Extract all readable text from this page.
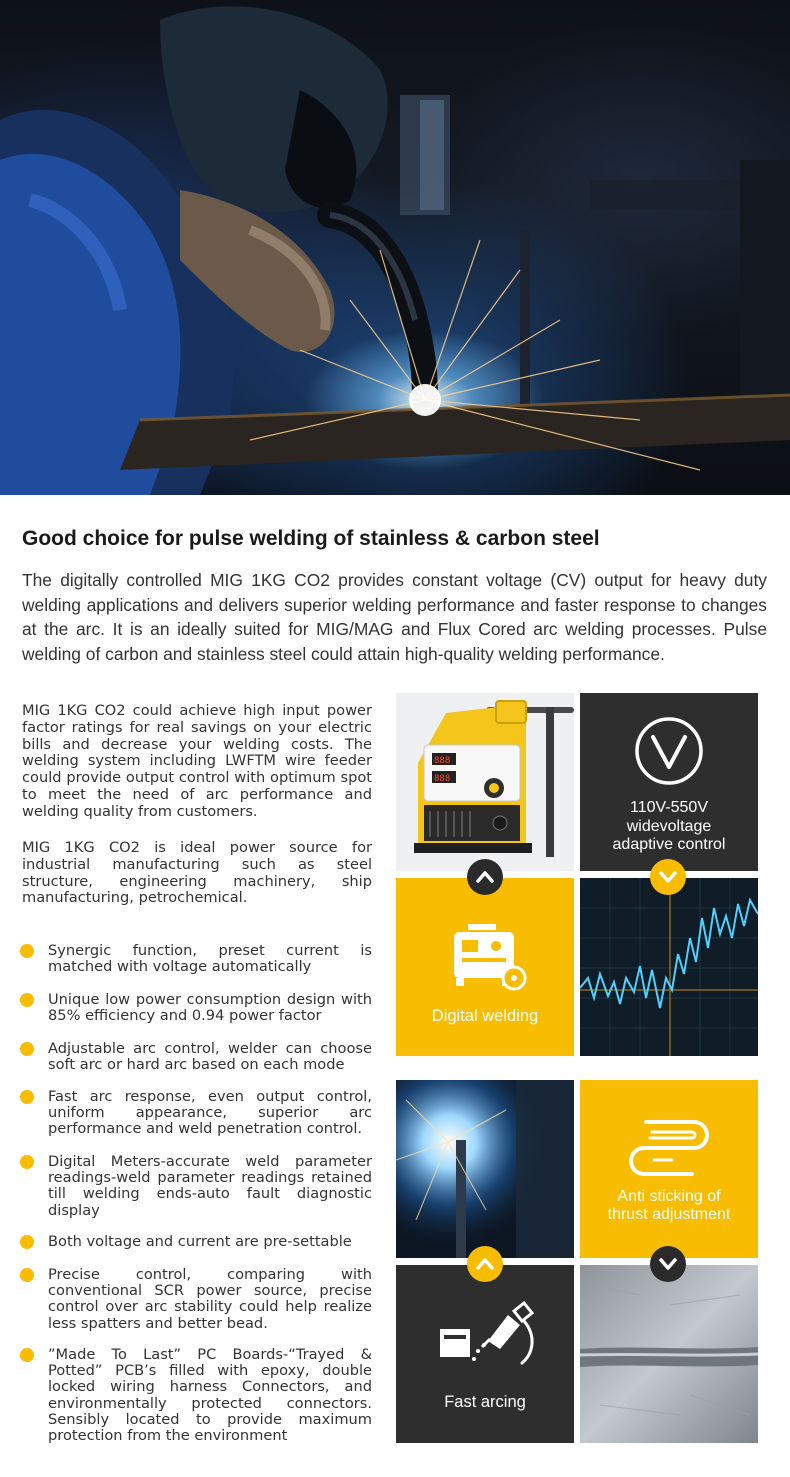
Good choice for pulse welding of stainless & carbon steel

The digitally controlled MIG 1KG CO2 provides constant voltage (CV) output for heavy duty welding applications and delivers superior welding performance and faster response to changes at the arc. It is an ideally suited for MIG/MAG and Flux Cored arc welding processes. Pulse welding of carbon and stainless steel could attain high-quality welding performance.

MIG 1KG CO2 could achieve high input power factor ratings for real savings on your electric bills and decrease your welding costs. The welding system including LWFTM wire feeder could provide output control with optimum spot to meet the need of arc performance and welding quality from customers.

MIG 1KG CO2 is ideal power source for industrial manufacturing such as steel structure, engineering machinery, ship manufacturing, petrochemical.

Synergic function, preset current is matched with voltage automatically

Unique low power consumption design with 85% efficiency and 0.94 power factor

Adjustable arc control, welder can choose soft arc or hard arc based on each mode

Fast arc response, even output control, uniform appearance, superior arc performance and weld penetration control.

Digital Meters-accurate weld parameter readings-weld parameter readings retained till welding ends-auto fault diagnostic display

Both voltage and current are pre-settable

Precise control, comparing with conventional SCR power source, precise control over arc stability could help realize less spatters and better bead.

”Made To Last” PC Boards-“Trayed & Potted” PCB’s filled with epoxy, double locked wiring harness Connectors, and environmentally protected connectors. Sensibly located to provide maximum protection from the environment

888
888
110V-550V
widevoltage
adaptive control
Digital welding
Anti sticking of
thrust adjustment
Fast arcing
